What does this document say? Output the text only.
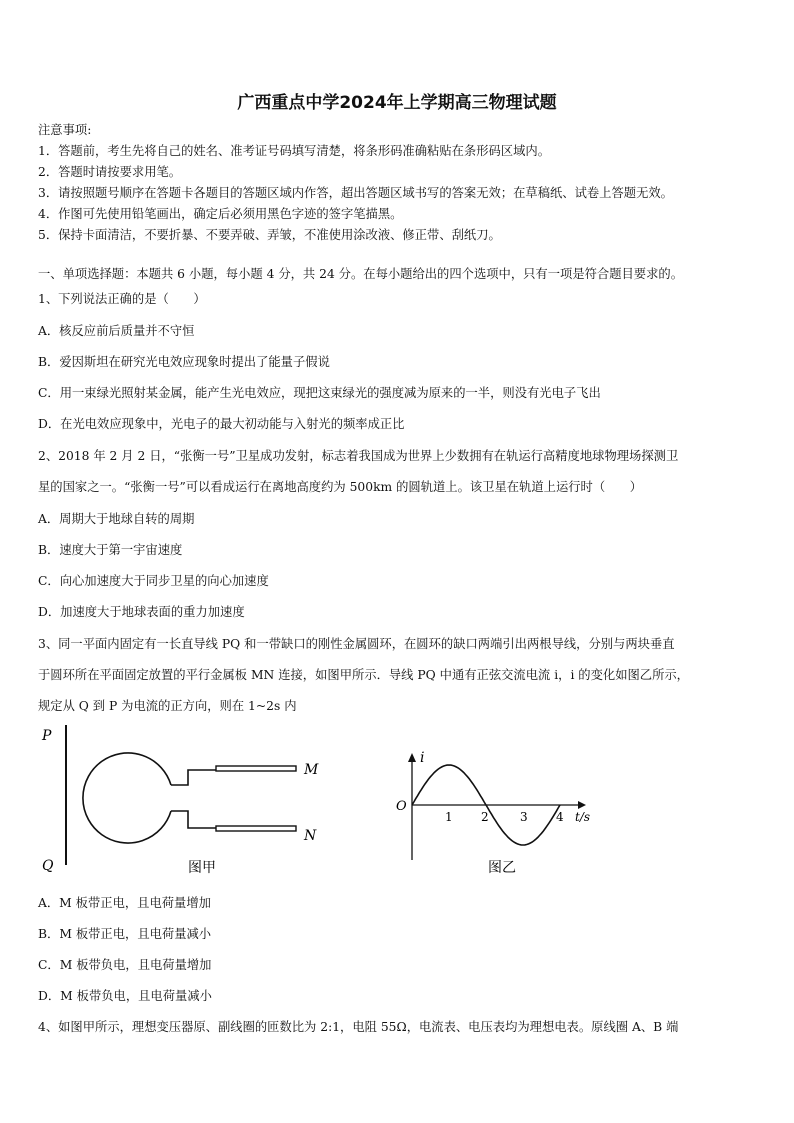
广西重点中学2024年上学期高三物理试题
注意事项:
1．答题前，考生先将自己的姓名、准考证号码填写清楚，将条形码准确粘贴在条形码区域内。
2．答题时请按要求用笔。
3．请按照题号顺序在答题卡各题目的答题区域内作答，超出答题区域书写的答案无效；在草稿纸、试卷上答题无效。
4．作图可先使用铅笔画出，确定后必须用黑色字迹的签字笔描黑。
5．保持卡面清洁，不要折暴、不要弄破、弄皱，不准使用涂改液、修正带、刮纸刀。
一、单项选择题：本题共 6 小题，每小题 4 分，共 24 分。在每小题给出的四个选项中，只有一项是符合题目要求的。
1、下列说法正确的是（　　）
A．核反应前后质量并不守恒
B．爱因斯坦在研究光电效应现象时提出了能量子假说
C．用一束绿光照射某金属，能产生光电效应，现把这束绿光的强度减为原来的一半，则没有光电子飞出
D．在光电效应现象中，光电子的最大初动能与入射光的频率成正比
2、2018 年 2 月 2 日，“张衡一号”卫星成功发射，标志着我国成为世界上少数拥有在轨运行高精度地球物理场探测卫
星的国家之一。“张衡一号”可以看成运行在离地高度约为 500km 的圆轨道上。该卫星在轨道上运行时（　　）
A．周期大于地球自转的周期
B．速度大于第一宇宙速度
C．向心加速度大于同步卫星的向心加速度
D．加速度大于地球表面的重力加速度
3、同一平面内固定有一长直导线 PQ 和一带缺口的刚性金属圆环，在圆环的缺口两端引出两根导线，分别与两块垂直
于圆环所在平面固定放置的平行金属板 MN 连接，如图甲所示．导线 PQ 中通有正弦交流电流 i，i 的变化如图乙所示，
规定从 Q 到 P 为电流的正方向，则在 1~2s 内
P
Q
M
N
图甲
i
O
1 2	3 4 t/s
图乙
A．M 板带正电，且电荷量增加
B．M 板带正电，且电荷量减小
C．M 板带负电，且电荷量增加
D．M 板带负电，且电荷量减小
4、如图甲所示，理想变压器原、副线圈的匝数比为 2:1，电阻 55Ω，电流表、电压表均为理想电表。原线圈 A、B 端
